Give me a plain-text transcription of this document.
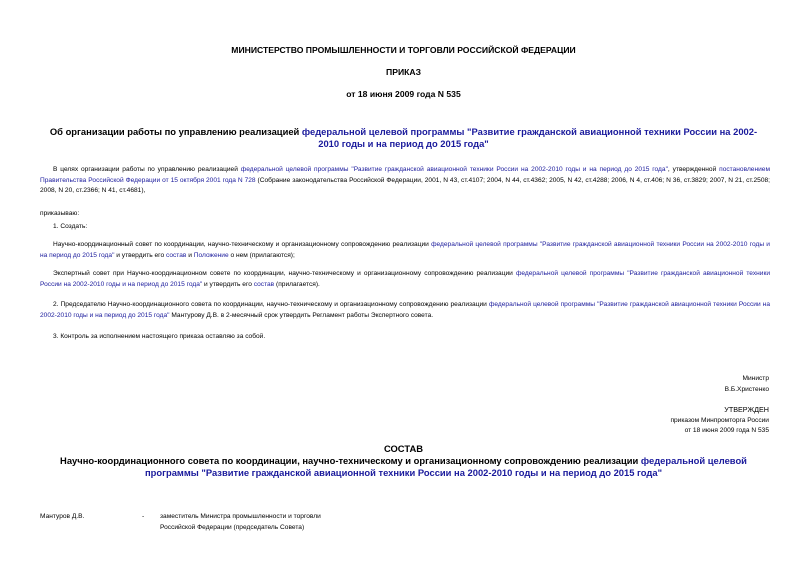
МИНИСТЕРСТВО ПРОМЫШЛЕННОСТИ И ТОРГОВЛИ РОССИЙСКОЙ ФЕДЕРАЦИИ
ПРИКАЗ
от 18 июня 2009 года N 535
Об организации работы по управлению реализацией федеральной целевой программы "Развитие гражданской авиационной техники России на 2002-2010 годы и на период до 2015 года"
В целях организации работы по управлению реализацией федеральной целевой программы "Развитие гражданской авиационной техники России на 2002-2010 годы и на период до 2015 года", утвержденной постановлением Правительства Российской Федерации от 15 октября 2001 года N 728 (Собрание законодательства Российской Федерации, 2001, N 43, ст.4107; 2004, N 44, ст.4362; 2005, N 42, ст.4288; 2006, N 4, ст.406; N 36, ст.3829; 2007, N 21, ст.2508; 2008, N 20, ст.2366; N 41, ст.4681),
приказываю:
1. Создать:
Научно-координационный совет по координации, научно-техническому и организационному сопровождению реализации федеральной целевой программы "Развитие гражданской авиационной техники России на 2002-2010 годы и на период до 2015 года" и утвердить его состав и Положение о нем (прилагаются);
Экспертный совет при Научно-координационном совете по координации, научно-техническому и организационному сопровождению реализации федеральной целевой программы "Развитие гражданской авиационной техники России на 2002-2010 годы и на период до 2015 года" и утвердить его состав (прилагается).
2. Председателю Научно-координационного совета по координации, научно-техническому и организационному сопровождению реализации федеральной целевой программы "Развитие гражданской авиационной техники России на 2002-2010 годы и на период до 2015 года" Мантурову Д.В. в 2-месячный срок утвердить Регламент работы Экспертного совета.
3. Контроль за исполнением настоящего приказа оставляю за собой.
Министр
В.Б.Христенко
УТВЕРЖДЕН
приказом Минпромторга России
от 18 июня 2009 года N 535
СОСТАВ
Научно-координационного совета по координации, научно-техническому и организационному сопровождению реализации федеральной целевой программы "Развитие гражданской авиационной техники России на 2002-2010 годы и на период до 2015 года"
Мантуров Д.В.	- заместитель Министра промышленности и торговли
Российской Федерации (председатель Совета)
